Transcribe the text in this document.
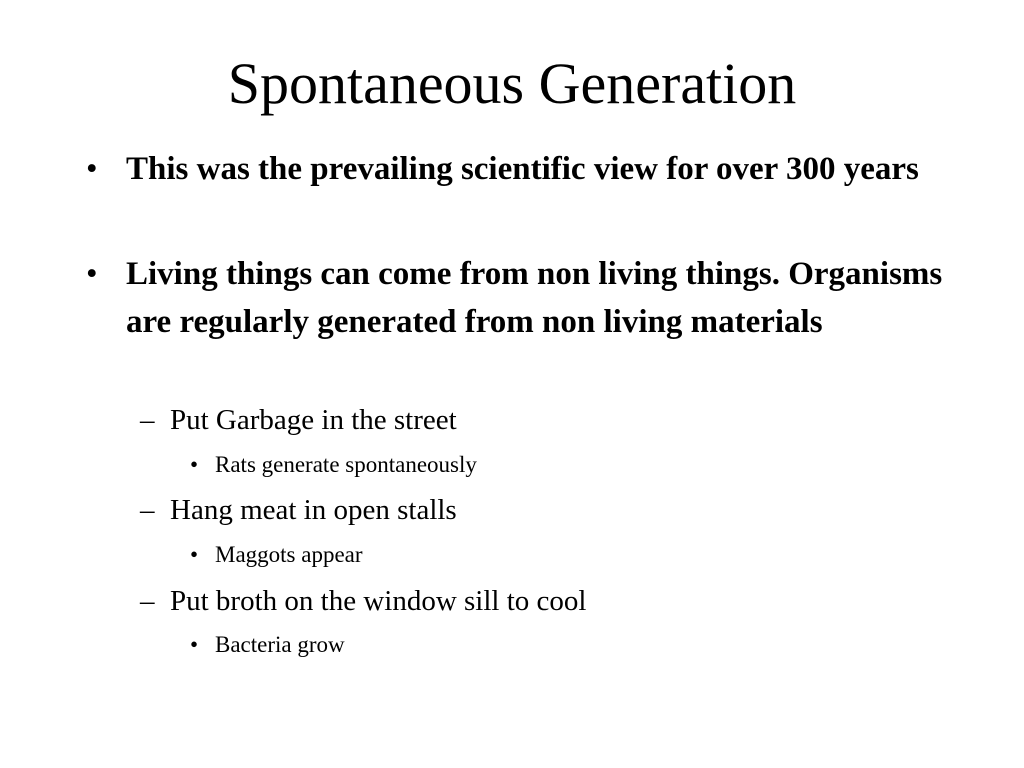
Spontaneous Generation
• This was the prevailing scientific view for over 300 years
• Living things can come from non living things. Organisms are regularly generated from non living materials
– Put Garbage in the street
• Rats generate spontaneously
– Hang meat in open stalls
• Maggots appear
– Put broth on the window sill to cool
• Bacteria grow
